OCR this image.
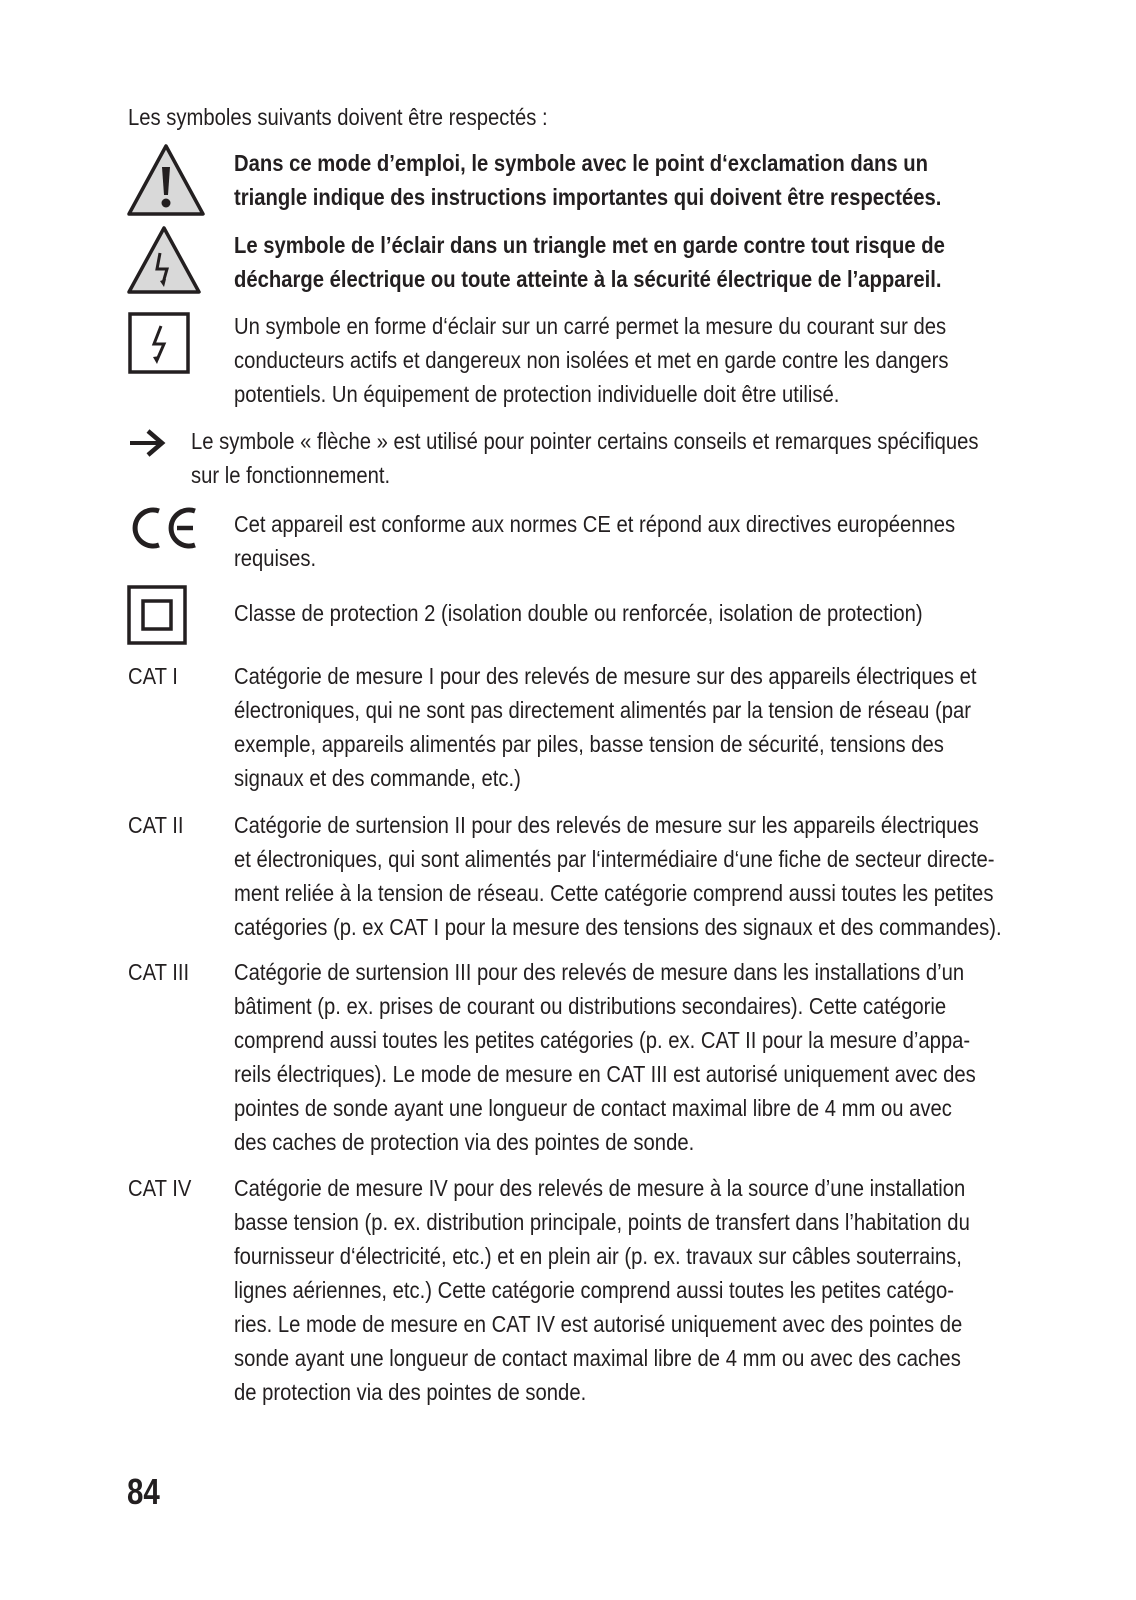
Les symboles suivants doivent être respectés :
Dans ce mode d’emploi, le symbole avec le point d‘exclamation dans un
triangle indique des instructions importantes qui doivent être respectées.
Le symbole de l’éclair dans un triangle met en garde contre tout risque de
décharge électrique ou toute atteinte à la sécurité électrique de l’appareil.
Un symbole en forme d‘éclair sur un carré permet la mesure du courant sur des
conducteurs actifs et dangereux non isolées et met en garde contre les dangers
potentiels. Un équipement de protection individuelle doit être utilisé.
Le symbole « flèche » est utilisé pour pointer certains conseils et remarques spécifiques
sur le fonctionnement.
Cet appareil est conforme aux normes CE et répond aux directives européennes
requises.
Classe de protection 2 (isolation double ou renforcée, isolation de protection)
CAT I Catégorie de mesure I pour des relevés de mesure sur des appareils électriques et
électroniques, qui ne sont pas directement alimentés par la tension de réseau (par
exemple, appareils alimentés par piles, basse tension de sécurité, tensions des
signaux et des commande, etc.)
CAT II Catégorie de surtension II pour des relevés de mesure sur les appareils électriques
et électroniques, qui sont alimentés par l‘intermédiaire d‘une fiche de secteur directe-
ment reliée à la tension de réseau. Cette catégorie comprend aussi toutes les petites
catégories (p. ex CAT I pour la mesure des tensions des signaux et des commandes).
CAT III Catégorie de surtension III pour des relevés de mesure dans les installations d’un
bâtiment (p. ex. prises de courant ou distributions secondaires). Cette catégorie
comprend aussi toutes les petites catégories (p. ex. CAT II pour la mesure d’appa-
reils électriques). Le mode de mesure en CAT III est autorisé uniquement avec des
pointes de sonde ayant une longueur de contact maximal libre de 4 mm ou avec
des caches de protection via des pointes de sonde.
CAT IV Catégorie de mesure IV pour des relevés de mesure à la source d’une installation
basse tension (p. ex. distribution principale, points de transfert dans l’habitation du
fournisseur d‘électricité, etc.) et en plein air (p. ex. travaux sur câbles souterrains,
lignes aériennes, etc.) Cette catégorie comprend aussi toutes les petites catégo-
ries. Le mode de mesure en CAT IV est autorisé uniquement avec des pointes de
sonde ayant une longueur de contact maximal libre de 4 mm ou avec des caches
de protection via des pointes de sonde.
84
